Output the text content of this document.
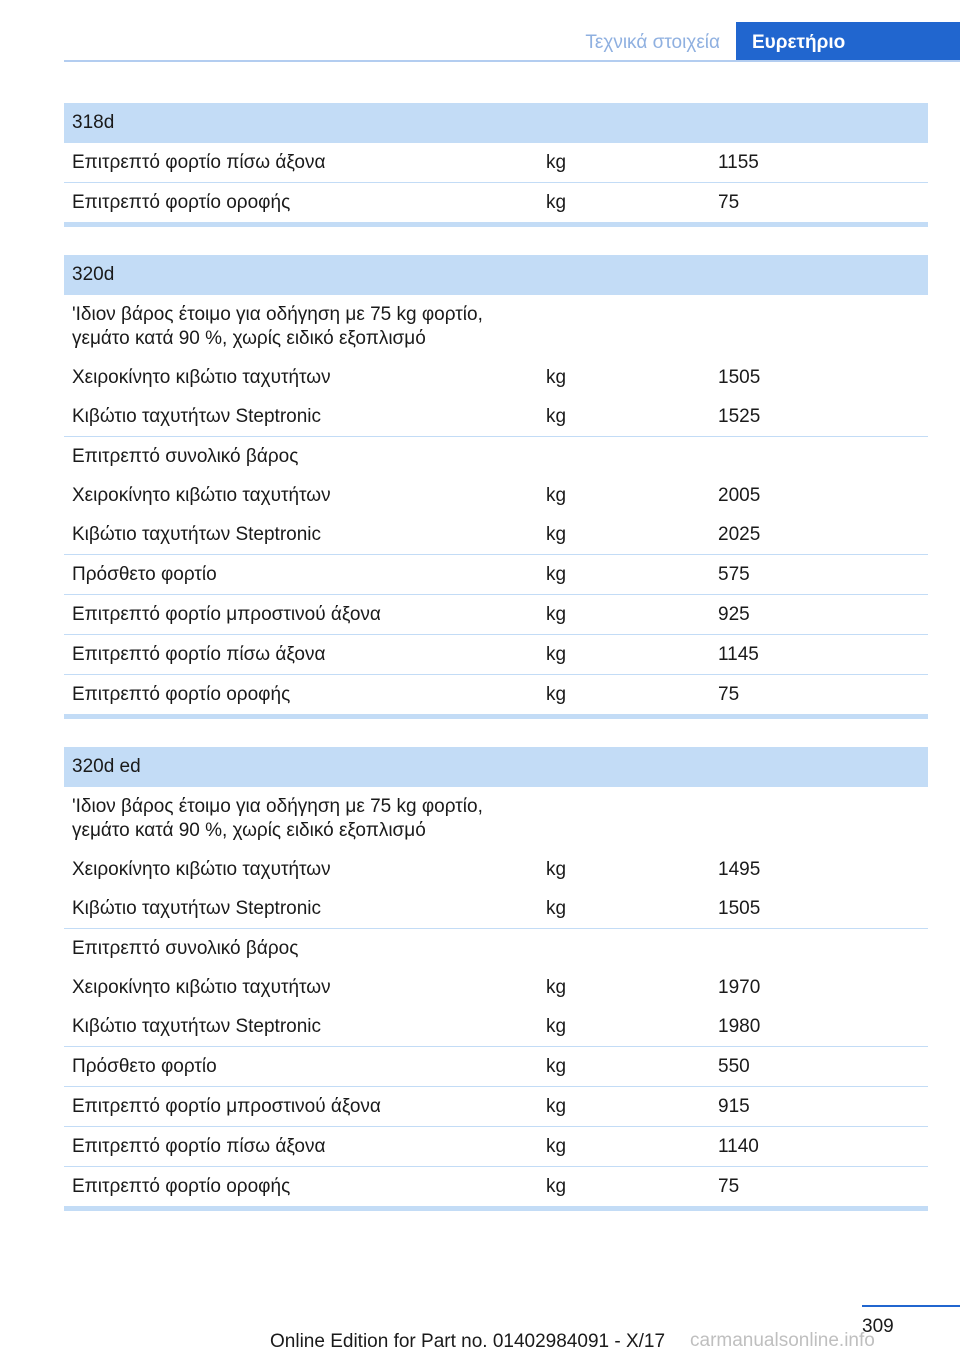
Τεχνικά στοιχεία	Ευρετήριο
318d
Επιτρεπτό φορτίο πίσω άξονα	kg	1155
Επιτρεπτό φορτίο οροφής	kg	75
320d
'Ιδιον βάρος έτοιμο για οδήγηση με 75 kg φορτίο, γεμάτο κατά 90 %, χωρίς ειδικό εξοπλισμό
Χειροκίνητο κιβώτιο ταχυτήτων	kg	1505
Κιβώτιο ταχυτήτων Steptronic	kg	1525
Επιτρεπτό συνολικό βάρος
Χειροκίνητο κιβώτιο ταχυτήτων	kg	2005
Κιβώτιο ταχυτήτων Steptronic	kg	2025
Πρόσθετο φορτίο	kg	575
Επιτρεπτό φορτίο μπροστινού άξονα	kg	925
Επιτρεπτό φορτίο πίσω άξονα	kg	1145
Επιτρεπτό φορτίο οροφής	kg	75
320d ed
'Ιδιον βάρος έτοιμο για οδήγηση με 75 kg φορτίο, γεμάτο κατά 90 %, χωρίς ειδικό εξοπλισμό
Χειροκίνητο κιβώτιο ταχυτήτων	kg	1495
Κιβώτιο ταχυτήτων Steptronic	kg	1505
Επιτρεπτό συνολικό βάρος
Χειροκίνητο κιβώτιο ταχυτήτων	kg	1970
Κιβώτιο ταχυτήτων Steptronic	kg	1980
Πρόσθετο φορτίο	kg	550
Επιτρεπτό φορτίο μπροστινού άξονα	kg	915
Επιτρεπτό φορτίο πίσω άξονα	kg	1140
Επιτρεπτό φορτίο οροφής	kg	75
309
Online Edition for Part no. 01402984091 - X/17 carmanualsonline.info
